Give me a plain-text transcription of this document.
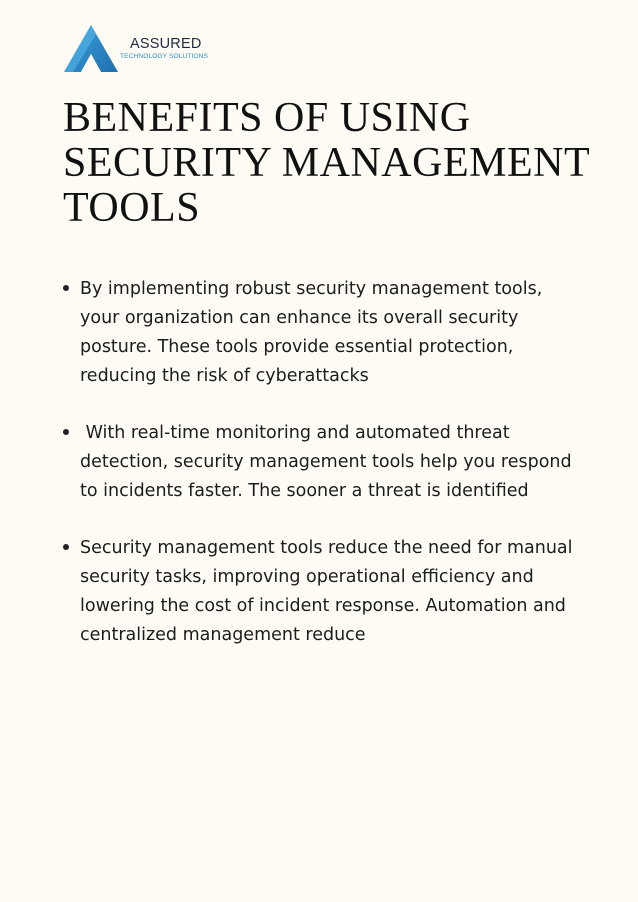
ASSURED
TECHNOLOGY SOLUTIONS
BENEFITS OF USING
SECURITY MANAGEMENT
TOOLS

By implementing robust security management tools,
your organization can enhance its overall security
posture. These tools provide essential protection,
reducing the risk of cyberattacks

With real-time monitoring and automated threat
detection, security management tools help you respond
to incidents faster. The sooner a threat is identified

Security management tools reduce the need for manual
security tasks, improving operational efficiency and
lowering the cost of incident response. Automation and
centralized management reduce
